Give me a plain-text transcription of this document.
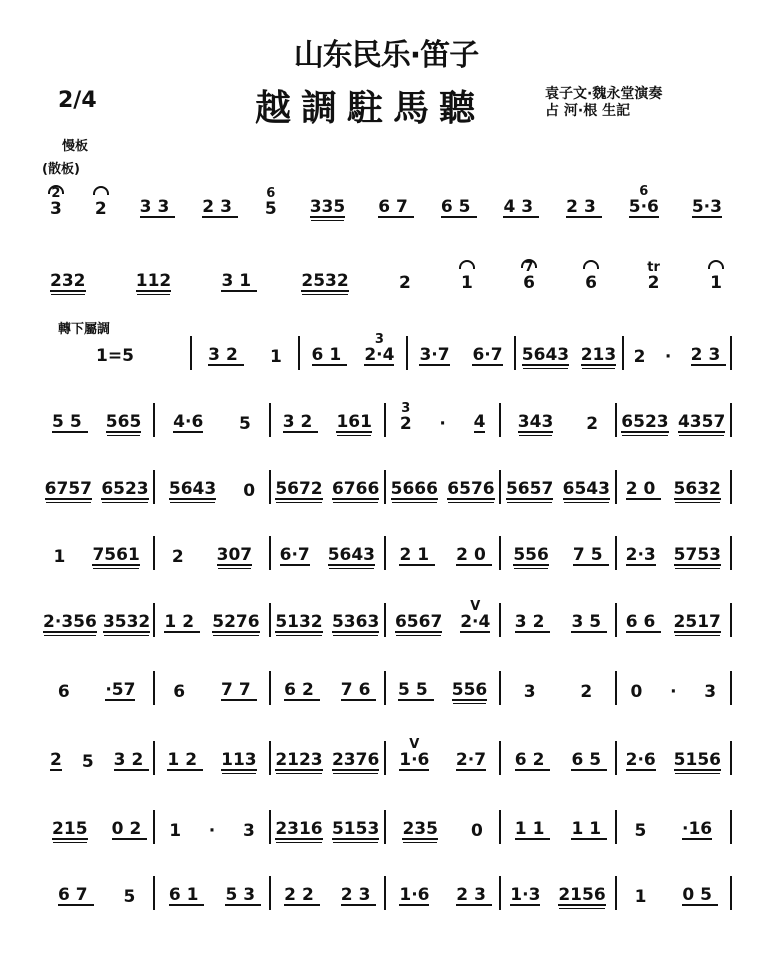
山东民乐·笛子
越調駐馬聽	袁子文·魏永堂演奏
占 河·根 生記
2/4
慢板
(散板)
轉下屬調
2
3 2 33 23
6
5 335 67 65 43 23
6
5·6 5·3
232	112	31	2532	2	1
7
6	6
tr
2	1
1=5	32 1 61
3
2·4 3·7 6·7 5643 213 2 · 23
55 565 4·6 5 32 161
3
2 · 4 343 2 6523 4357
6757 6523 5643 0 5672 6766 5666 6576 5657 6543 20 5632
1 7561 2 307 6·7 5643 21 20 556 75 2·3 5753
2·356 3532 12 5276 5132 5363 6567
V
2·4 32 35 66 2517
6 ·57 6 77 62 76 55 556 3	2 0 · 3
2 5 32 12 113 2123 2376
V
1·6 2·7 62 65 2·6 5156
215 02 1 · 3 2316 5153 235 0 11 11 5 ·16
67 5 61 53 22 23 1·6 23 1·3 2156 1 05
